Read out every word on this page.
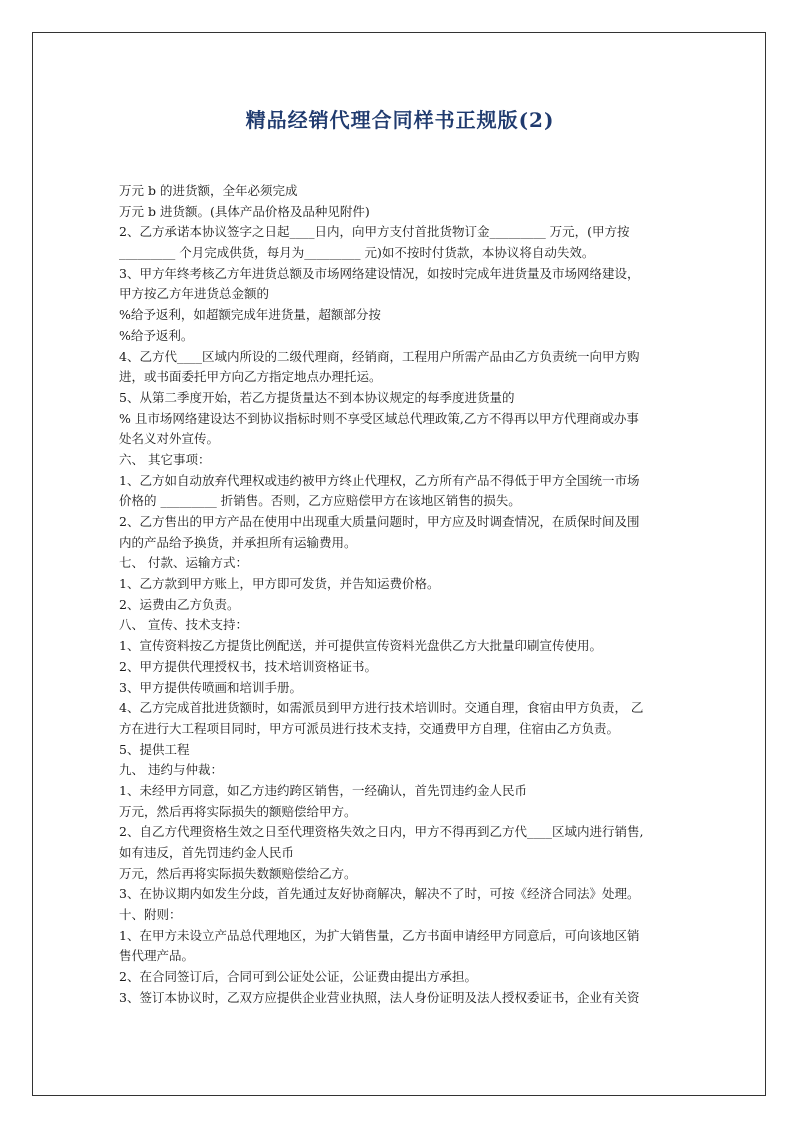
精品经销代理合同样书正规版(2)
万元 b 的进货额，全年必须完成
万元 b 进货额。(具体产品价格及品种见附件)
2、乙方承诺本协议签字之日起____日内，向甲方支付首批货物订金_________ 万元，(甲方按
_________ 个月完成供货，每月为_________ 元)如不按时付货款，本协议将自动失效。
3、甲方年终考核乙方年进货总额及市场网络建设情况，如按时完成年进货量及市场网络建设，
甲方按乙方年进货总金额的
%给予返利，如超额完成年进货量，超额部分按
%给予返利。
4、乙方代____区域内所设的二级代理商，经销商，工程用户所需产品由乙方负责统一向甲方购
进，或书面委托甲方向乙方指定地点办理托运。
5、从第二季度开始，若乙方提货量达不到本协议规定的每季度进货量的
% 且市场网络建设达不到协议指标时则不享受区域总代理政策,乙方不得再以甲方代理商或办事
处名义对外宣传。
六、 其它事项：
1、乙方如自动放弃代理权或违约被甲方终止代理权，乙方所有产品不得低于甲方全国统一市场
价格的 _________ 折销售。否则，乙方应赔偿甲方在该地区销售的损失。
2、乙方售出的甲方产品在使用中出现重大质量问题时，甲方应及时调查情况，在质保时间及围
内的产品给予换货，并承担所有运输费用。
七、 付款、运输方式：
1、乙方款到甲方账上，甲方即可发货，并告知运费价格。
2、运费由乙方负责。
八、 宣传、技术支持：
1、宣传资料按乙方提货比例配送，并可提供宣传资料光盘供乙方大批量印刷宣传使用。
2、甲方提供代理授权书，技术培训资格证书。
3、甲方提供传喷画和培训手册。
4、乙方完成首批进货额时，如需派员到甲方进行技术培训时。交通自理，食宿由甲方负责， 乙
方在进行大工程项目同时，甲方可派员进行技术支持，交通费甲方自理，住宿由乙方负责。
5、提供工程
九、 违约与仲裁：
1、未经甲方同意，如乙方违约跨区销售，一经确认，首先罚违约金人民币
万元，然后再将实际损失的额赔偿给甲方。
2、自乙方代理资格生效之日至代理资格失效之日内，甲方不得再到乙方代____区域内进行销售,
如有违反，首先罚违约金人民币
万元，然后再将实际损失数额赔偿给乙方。
3、在协议期内如发生分歧，首先通过友好协商解决，解决不了时，可按《经济合同法》处理。
十、附则：
1、在甲方未设立产品总代理地区，为扩大销售量，乙方书面申请经甲方同意后，可向该地区销
售代理产品。
2、在合同签订后，合同可到公证处公证，公证费由提出方承担。
3、签订本协议时，乙双方应提供企业营业执照，法人身份证明及法人授权委证书，企业有关资
